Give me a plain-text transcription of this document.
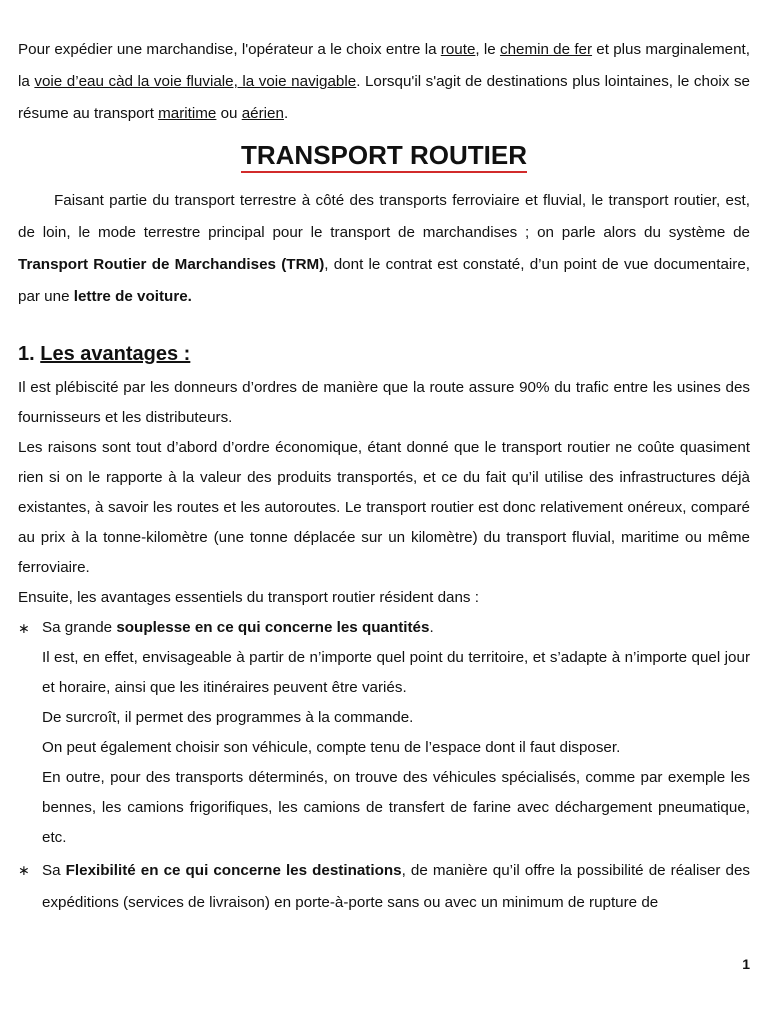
Pour expédier une marchandise, l'opérateur a le choix entre la route, le chemin de fer et plus marginalement, la voie d’eau càd la voie fluviale, la voie navigable. Lorsqu'il s'agit de destinations plus lointaines, le choix se résume au transport maritime ou aérien.

TRANSPORT ROUTIER

Faisant partie du transport terrestre à côté des transports ferroviaire et fluvial, le transport routier, est, de loin, le mode terrestre principal pour le transport de marchandises ; on parle alors du système de Transport Routier de Marchandises (TRM), dont le contrat est constaté, d’un point de vue documentaire, par une lettre de voiture.

1. Les avantages :

Il est plébiscité par les donneurs d’ordres de manière que la route assure 90% du trafic entre les usines des fournisseurs et les distributeurs.

Les raisons sont tout d’abord d’ordre économique, étant donné que le transport routier ne coûte quasiment rien si on le rapporte à la valeur des produits transportés, et ce du fait qu’il utilise des infrastructures déjà existantes, à savoir les routes et les autoroutes. Le transport routier est donc relativement onéreux, comparé au prix à la tonne-kilomètre (une tonne déplacée sur un kilomètre) du transport fluvial, maritime ou même ferroviaire.

Ensuite, les avantages essentiels du transport routier résident dans :

∗ Sa grande souplesse en ce qui concerne les quantités.

Il est, en effet, envisageable à partir de n’importe quel point du territoire, et s’adapte à n’importe quel jour et horaire, ainsi que les itinéraires peuvent être variés.

De surcroît, il permet des programmes à la commande.

On peut également choisir son véhicule, compte tenu de l’espace dont il faut disposer.

En outre, pour des transports déterminés, on trouve des véhicules spécialisés, comme par exemple les bennes, les camions frigorifiques, les camions de transfert de farine avec déchargement pneumatique, etc.

∗ Sa Flexibilité en ce qui concerne les destinations, de manière qu’il offre la possibilité de réaliser des expéditions (services de livraison) en porte-à-porte sans ou avec un minimum de rupture de

1
